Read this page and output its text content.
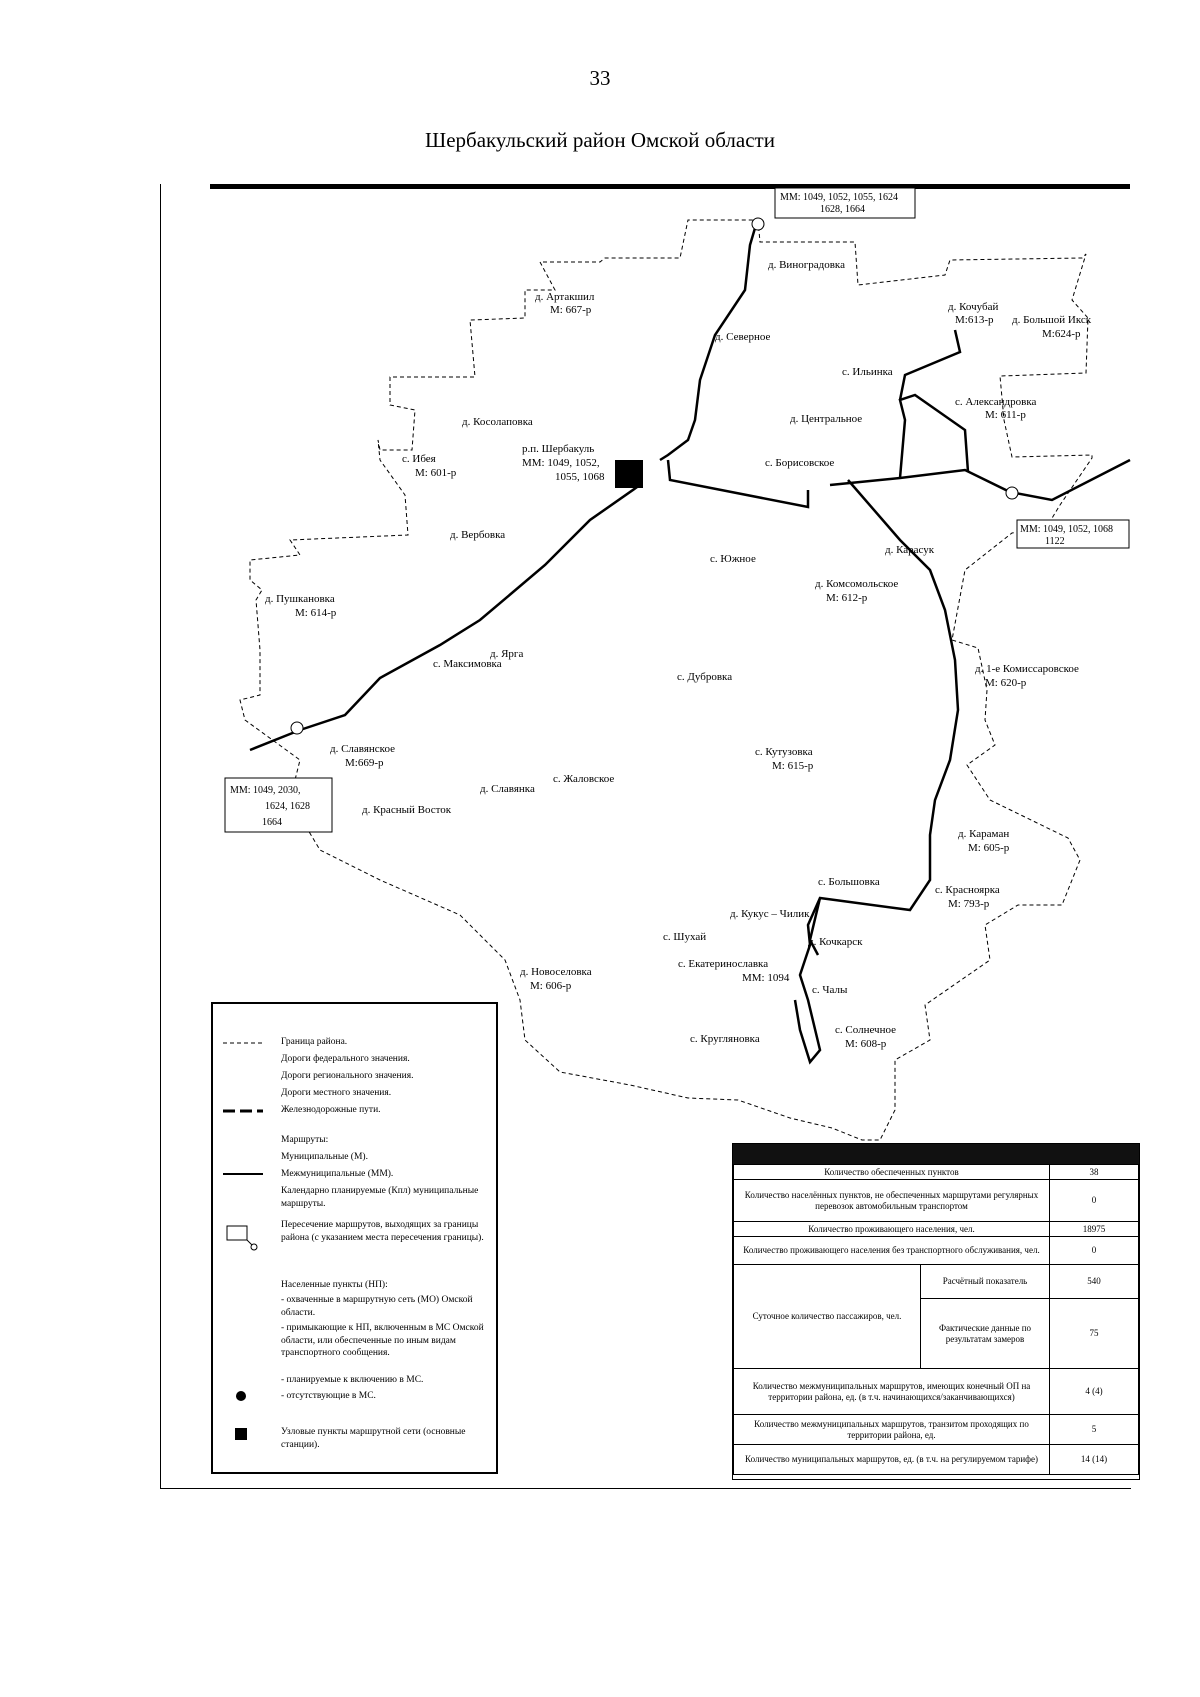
33
Шербакульский район Омской области
ММ: 1049, 1052, 1055, 1624
1628, 1664
ММ: 1049, 1052, 1068
1122
ММ: 1049, 2030,
1624, 1628
1664
д. Виноградовка
д. Артакшил
М: 667-р
д. Северное
д. Кочубай
М:613-р д. Большой Икск
М:624-р
с. Ильинка
с. Александровка
М: 611-р
д. Косолаповка	д. Центральное
р.п. Шербакуль
ММ: 1049, 1052,
1055, 1068
с. Борисовское
с. Ибея
М: 601-р
д. Вербовка
д. Карасук
с. Южное
д. Комсомольское
М: 612-р
д. Пушкановка
М: 614-р
д. Ярга
с. Максимовка
с. Дубровка
д. 1-е Комиссаровское
М: 620-р
д. Славянское
М:669-р
с. Кутузовка
М: 615-р
д. Славянка
с. Жаловское
д. Красный Восток
д. Караман
М: 605-р
с. Большовка
с. Красноярка
М: 793-р
д. Кукус – Чилик
с. Шухай	д. Кочкарск
с. Екатеринославка
ММ: 1094
с. Чалы
д. Новоселовка
М: 606-р
с. Солнечное
М: 608-р
с. Кругляновка
Граница района.
Дороги федерального значения.
Дороги регионального значения.
Дороги местного значения.
Железнодорожные пути.
Маршруты:
Муниципальные (М).
Межмуниципальные (ММ).
Календарно планируемые (Кпл) муниципальные маршруты.
Пересечение маршрутов, выходящих за границы района (с указанием места пересечения границы).
Населенные пункты (НП):
- охваченные в маршрутную сеть (МО) Омской области.
- примыкающие к НП, включенным в МС Омской области, или обеспеченные по иным видам транспортного сообщения.
- планируемые к включению в МС.
- отсутствующие в МС.
Узловые пункты маршрутной сети (основные станции).
Количество обеспеченных пунктов		38
Количество населённых пунктов, не обеспеченных маршрутами регулярных перевозок автомобильным транспортом		0
Количество проживающего населения, чел.		18975
Количество проживающего населения без транспортного обслуживания, чел.		0
Суточное количество пассажиров, чел.	Расчётный показатель	540
	Фактические данные по результатам замеров	75
Количество межмуниципальных маршрутов, имеющих конечный ОП на территории района, ед. (в т.ч. начинающихся/заканчивающихся)		4 (4)
Количество межмуниципальных маршрутов, транзитом проходящих по территории района, ед.		5
Количество муниципальных маршрутов, ед. (в т.ч. на регулируемом тарифе)		14 (14)
